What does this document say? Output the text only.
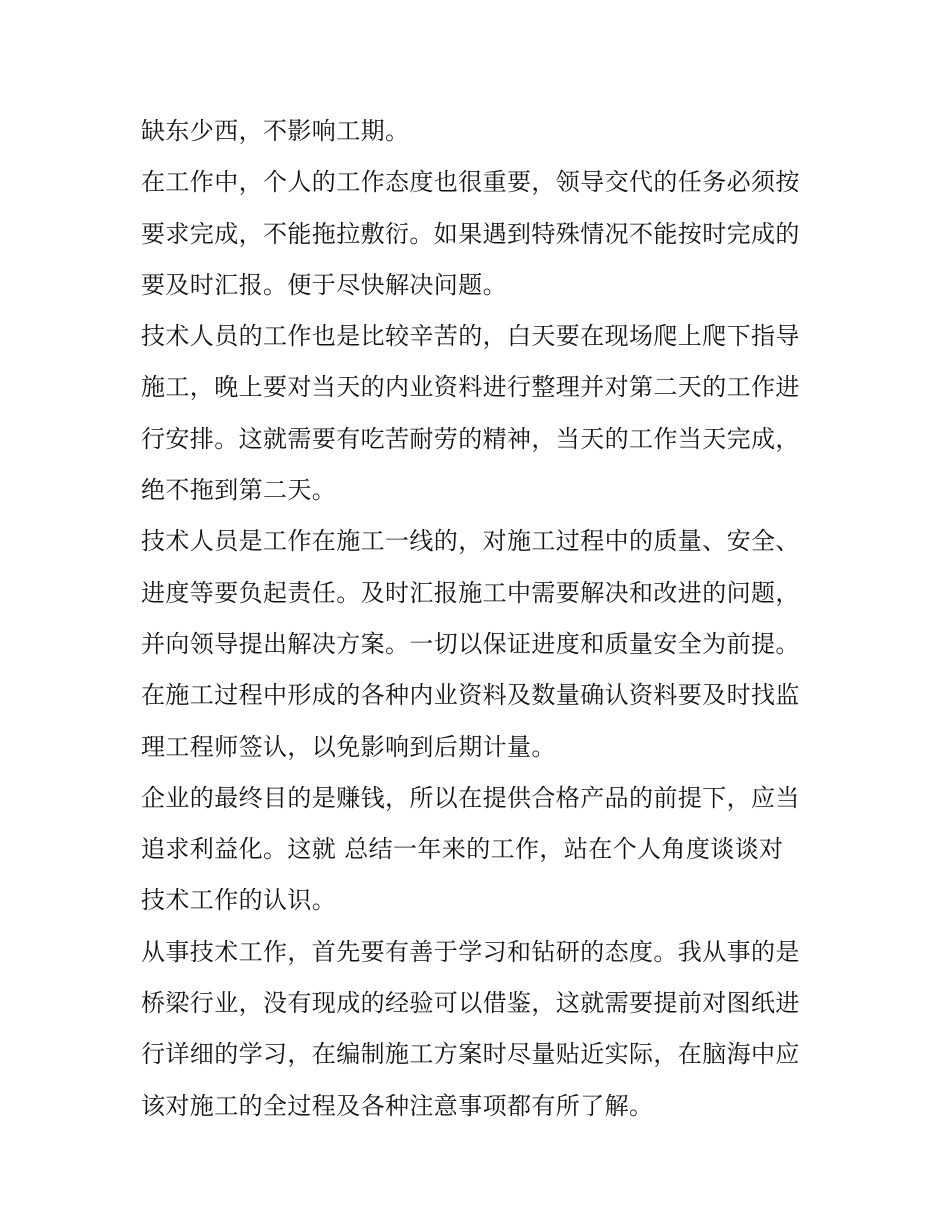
缺东少西，不影响工期。
在工作中，个人的工作态度也很重要，领导交代的任务必须按
要求完成，不能拖拉敷衍。如果遇到特殊情况不能按时完成的
要及时汇报。便于尽快解决问题。
技术人员的工作也是比较辛苦的，白天要在现场爬上爬下指导
施工，晚上要对当天的内业资料进行整理并对第二天的工作进
行安排。这就需要有吃苦耐劳的精神，当天的工作当天完成，
绝不拖到第二天。
技术人员是工作在施工一线的，对施工过程中的质量、安全、
进度等要负起责任。及时汇报施工中需要解决和改进的问题，
并向领导提出解决方案。一切以保证进度和质量安全为前提。
在施工过程中形成的各种内业资料及数量确认资料要及时找监
理工程师签认，以免影响到后期计量。
企业的最终目的是赚钱，所以在提供合格产品的前提下，应当
追求利益化。这就 总结一年来的工作，站在个人角度谈谈对
技术工作的认识。
从事技术工作，首先要有善于学习和钻研的态度。我从事的是
桥梁行业，没有现成的经验可以借鉴，这就需要提前对图纸进
行详细的学习，在编制施工方案时尽量贴近实际，在脑海中应
该对施工的全过程及各种注意事项都有所了解。
